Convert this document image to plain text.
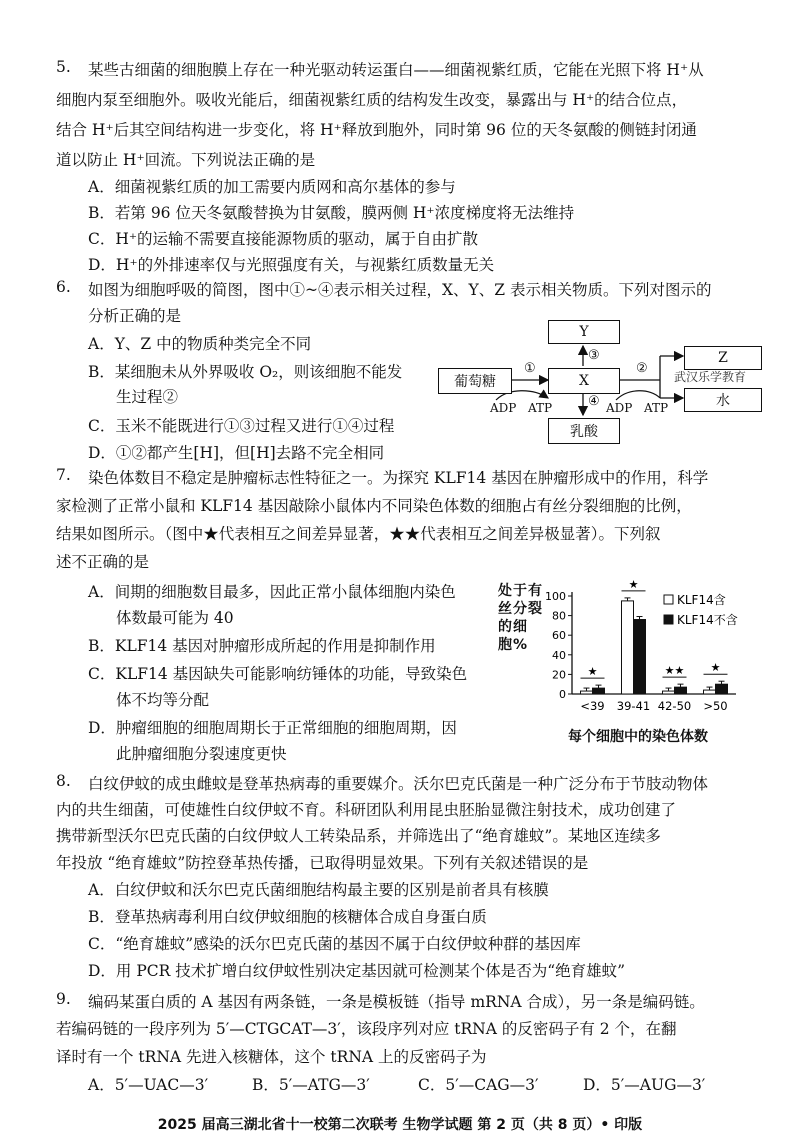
5. 某些古细菌的细胞膜上存在一种光驱动转运蛋白——细菌视紫红质，它能在光照下将 H⁺从
细胞内泵至细胞外。吸收光能后，细菌视紫红质的结构发生改变，暴露出与 H⁺的结合位点，
结合 H⁺后其空间结构进一步变化，将 H⁺释放到胞外，同时第 96 位的天冬氨酸的侧链封闭通
道以防止 H⁺回流。下列说法正确的是
A．细菌视紫红质的加工需要内质网和高尔基体的参与
B．若第 96 位天冬氨酸替换为甘氨酸，膜两侧 H⁺浓度梯度将无法维持
C．H⁺的运输不需要直接能源物质的驱动，属于自由扩散
D．H⁺的外排速率仅与光照强度有关，与视紫红质数量无关
6. 如图为细胞呼吸的简图，图中①~④表示相关过程，X、Y、Z 表示相关物质。下列对图示的
分析正确的是
A．Y、Z 中的物质种类完全不同
B．某细胞未从外界吸收 O₂，则该细胞不能发
生过程②
C．玉米不能既进行①③过程又进行①④过程
D．①②都产生[H]，但[H]去路不完全相同
葡萄糖	X
Y
乳酸
Z
水
①	②
③
④
ADP ATP	ADP ATP
武汉乐学教育
7. 染色体数目不稳定是肿瘤标志性特征之一。为探究 KLF14 基因在肿瘤形成中的作用，科学
家检测了正常小鼠和 KLF14 基因敲除小鼠体内不同染色体数的细胞占有丝分裂细胞的比例，
结果如图所示。（图中★代表相互之间差异显著，★★代表相互之间差异极显著）。下列叙
述不正确的是
A．间期的细胞数目最多，因此正常小鼠体细胞内染色
体数最可能为 40
B．KLF14 基因对肿瘤形成所起的作用是抑制作用
C．KLF14 基因缺失可能影响纺锤体的功能，导致染色
体不均等分配
D．肿瘤细胞的细胞周期长于正常细胞的细胞周期，因
此肿瘤细胞分裂速度更快
处于有丝分裂的细胞%
0
20
40
60
80
100
★
<39
★
39-41
★★
42-50
★
>50
KLF14含
KLF14不含
每个细胞中的染色体数
8. 白纹伊蚊的成虫雌蚊是登革热病毒的重要媒介。沃尔巴克氏菌是一种广泛分布于节肢动物体
内的共生细菌，可使雄性白纹伊蚊不育。科研团队利用昆虫胚胎显微注射技术，成功创建了
携带新型沃尔巴克氏菌的白纹伊蚊人工转染品系，并筛选出了“绝育雄蚊”。某地区连续多
年投放 “绝育雄蚊”防控登革热传播，已取得明显效果。下列有关叙述错误的是
A．白纹伊蚊和沃尔巴克氏菌细胞结构最主要的区别是前者具有核膜
B．登革热病毒利用白纹伊蚊细胞的核糖体合成自身蛋白质
C．“绝育雄蚊”感染的沃尔巴克氏菌的基因不属于白纹伊蚊种群的基因库
D．用 PCR 技术扩增白纹伊蚊性别决定基因就可检测某个体是否为“绝育雄蚊”
9. 编码某蛋白质的 A 基因有两条链，一条是模板链（指导 mRNA 合成），另一条是编码链。
若编码链的一段序列为 5′—CTGCAT—3′，该段序列对应 tRNA 的反密码子有 2 个，在翻
译时有一个 tRNA 先进入核糖体，这个 tRNA 上的反密码子为
A．5′—UAC—3′	B．5′—ATG—3′	C．5′—CAG—3′	D．5′—AUG—3′
2025 届高三湖北省十一校第二次联考 生物学试题 第 2 页（共 8 页）• 印版
